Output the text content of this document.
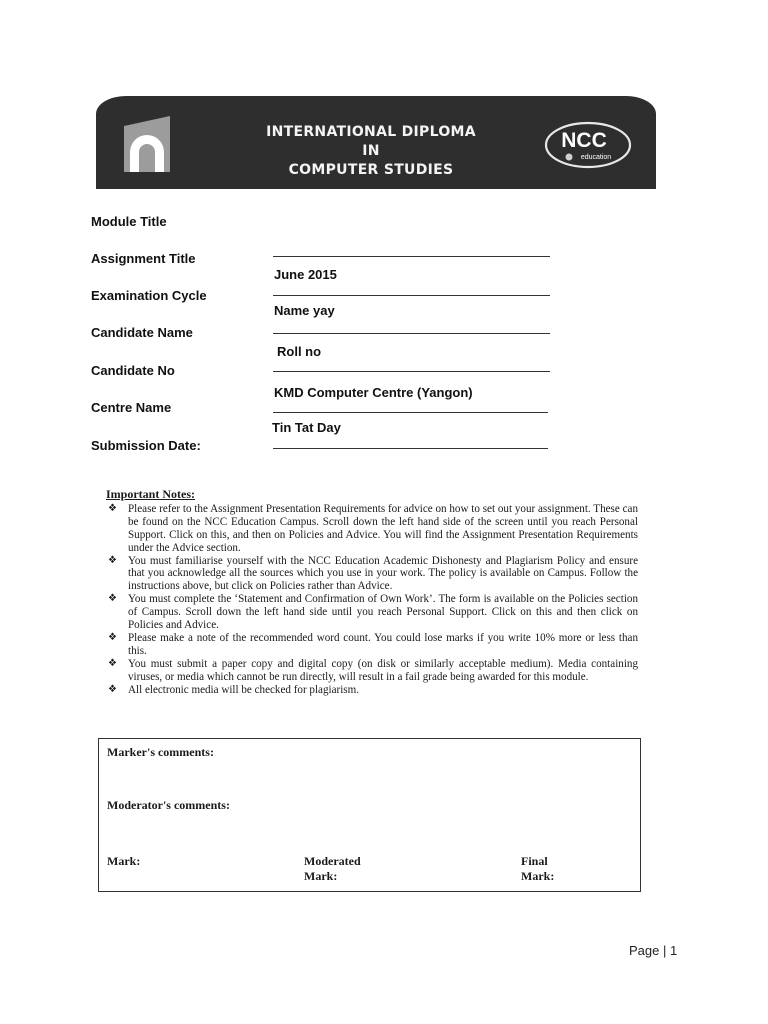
INTERNATIONAL DIPLOMA
IN
COMPUTER STUDIES
NCC
education
Module Title
Assignment Title
Examination Cycle
Candidate Name
Candidate No
Centre Name
Submission Date:
June 2015
Name yay
Roll no
KMD Computer Centre (Yangon)
Tin Tat Day
Important Notes:
❖ Please refer to the Assignment Presentation Requirements for advice on how to set out your assignment. These can be found on the NCC Education Campus. Scroll down the left hand side of the screen until you reach Personal Support. Click on this, and then on Policies and Advice. You will find the Assignment Presentation Requirements under the Advice section.
❖ You must familiarise yourself with the NCC Education Academic Dishonesty and Plagiarism Policy and ensure that you acknowledge all the sources which you use in your work. The policy is available on Campus. Follow the instructions above, but click on Policies rather than Advice.
❖ You must complete the ‘Statement and Confirmation of Own Work’. The form is available on the Policies section of Campus. Scroll down the left hand side until you reach Personal Support. Click on this and then click on Policies and Advice.
❖ Please make a note of the recommended word count. You could lose marks if you write 10% more or less than this.
❖ You must submit a paper copy and digital copy (on disk or similarly acceptable medium). Media containing viruses, or media which cannot be run directly, will result in a fail grade being awarded for this module.
❖ All electronic media will be checked for plagiarism.
Marker's comments:
Moderator's comments:
Mark:	Moderated
Mark:
Final
Mark:
Page | 1
